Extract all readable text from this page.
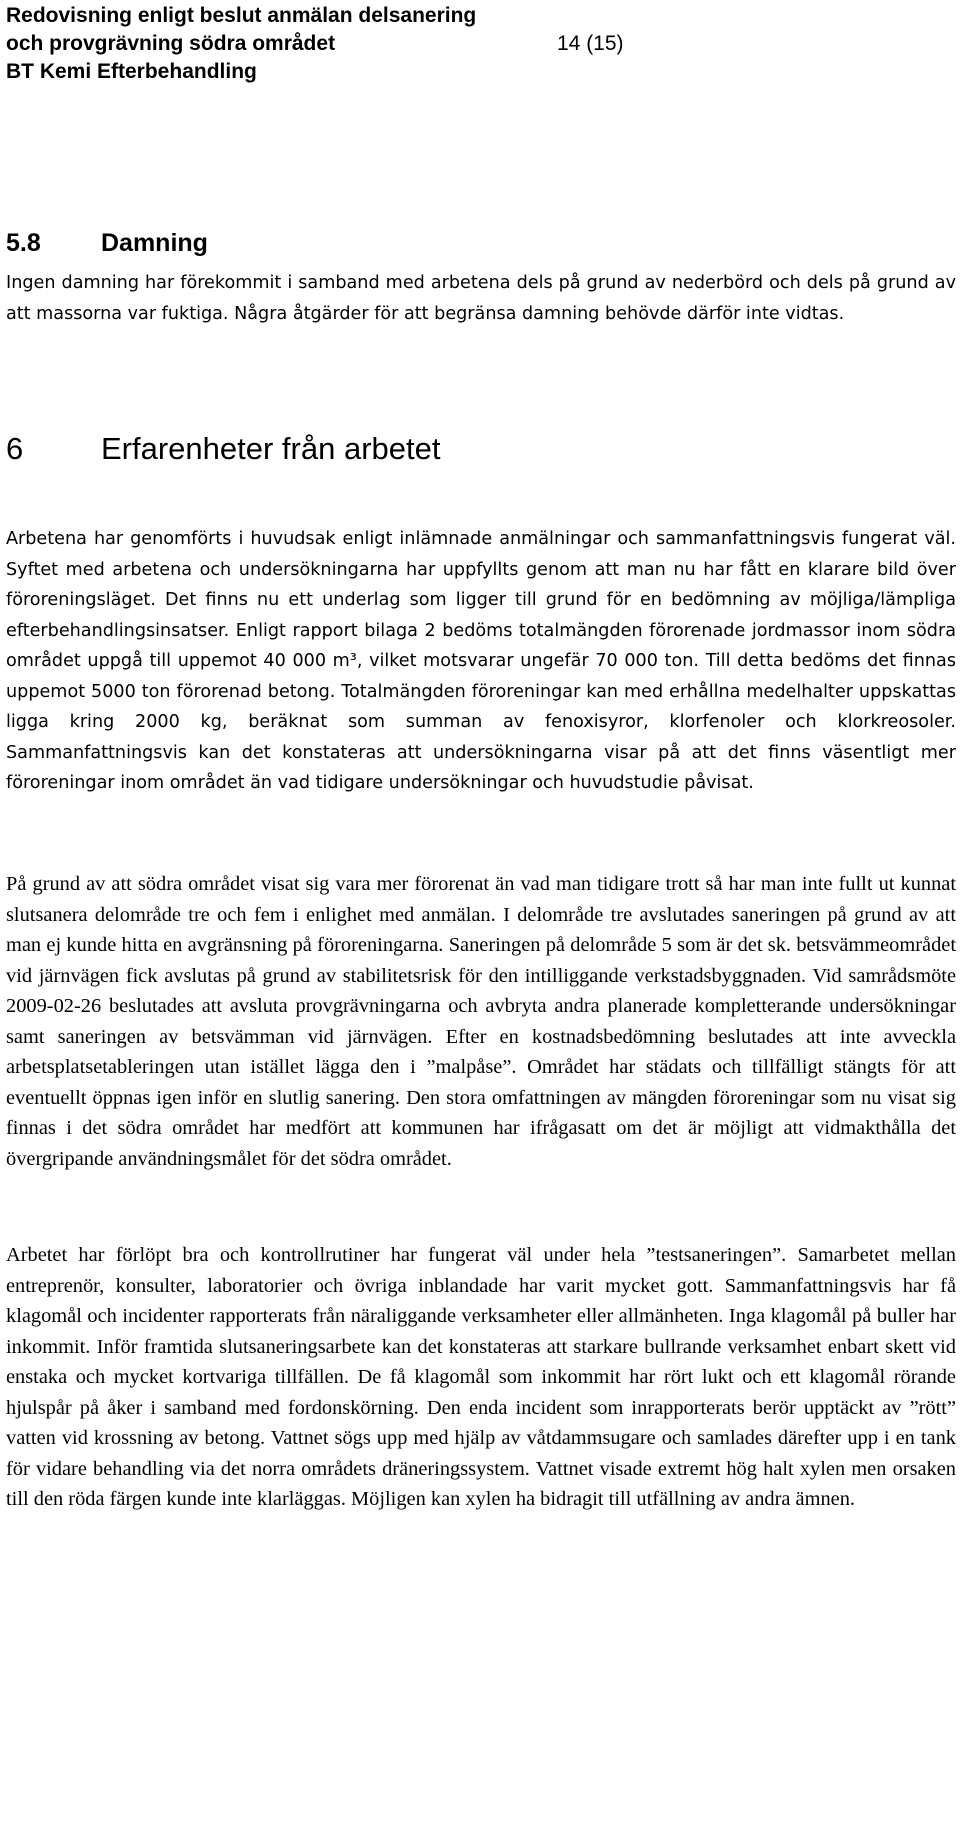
Redovisning enligt beslut anmälan delsanering
och provgrävning södra området
BT Kemi Efterbehandling
14 (15)
5.8 Damning
Ingen damning har förekommit i samband med arbetena dels på grund av nederbörd och dels på grund av att massorna var fuktiga. Några åtgärder för att begränsa damning behövde därför inte vidtas.
6	Erfarenheter från arbetet
Arbetena har genomförts i huvudsak enligt inlämnade anmälningar och sammanfattningsvis fungerat väl. Syftet med arbetena och undersökningarna har uppfyllts genom att man nu har fått en klarare bild över föroreningsläget. Det finns nu ett underlag som ligger till grund för en bedömning av möjliga/lämpliga efterbehandlingsinsatser. Enligt rapport bilaga 2 bedöms totalmängden förorenade jordmassor inom södra området uppgå till uppemot 40 000 m³, vilket motsvarar ungefär 70 000 ton. Till detta bedöms det finnas uppemot 5000 ton förorenad betong. Totalmängden föroreningar kan med erhållna medelhalter uppskattas ligga kring 2000 kg, beräknat som summan av fenoxisyror, klorfenoler och klorkreosoler. Sammanfattningsvis kan det konstateras att undersökningarna visar på att det finns väsentligt mer föroreningar inom området än vad tidigare undersökningar och huvudstudie påvisat.
På grund av att södra området visat sig vara mer förorenat än vad man tidigare trott så har man inte fullt ut kunnat slutsanera delområde tre och fem i enlighet med anmälan. I delområde tre avslutades saneringen på grund av att man ej kunde hitta en avgränsning på föroreningarna. Saneringen på delområde 5 som är det sk. betsvämmeområdet vid järnvägen fick avslutas på grund av stabilitetsrisk för den intilliggande verkstadsbyggnaden. Vid samrådsmöte 2009-02-26 beslutades att avsluta provgrävningarna och avbryta andra planerade kompletterande undersökningar samt saneringen av betsvämman vid järnvägen. Efter en kostnadsbedömning beslutades att inte avveckla arbetsplatsetableringen utan istället lägga den i ”malpåse”. Området har städats och tillfälligt stängts för att eventuellt öppnas igen inför en slutlig sanering. Den stora omfattningen av mängden föroreningar som nu visat sig finnas i det södra området har medfört att kommunen har ifrågasatt om det är möjligt att vidmakthålla det övergripande användningsmålet för det södra området.
Arbetet har förlöpt bra och kontrollrutiner har fungerat väl under hela ”testsaneringen”. Samarbetet mellan entreprenör, konsulter, laboratorier och övriga inblandade har varit mycket gott. Sammanfattningsvis har få klagomål och incidenter rapporterats från näraliggande verksamheter eller allmänheten. Inga klagomål på buller har inkommit. Inför framtida slutsaneringsarbete kan det konstateras att starkare bullrande verksamhet enbart skett vid enstaka och mycket kortvariga tillfällen. De få klagomål som inkommit har rört lukt och ett klagomål rörande hjulspår på åker i samband med fordonskörning. Den enda incident som inrapporterats berör upptäckt av ”rött” vatten vid krossning av betong. Vattnet sögs upp med hjälp av våtdammsugare och samlades därefter upp i en tank för vidare behandling via det norra områdets dräneringssystem. Vattnet visade extremt hög halt xylen men orsaken till den röda färgen kunde inte klarläggas. Möjligen kan xylen ha bidragit till utfällning av andra ämnen.
